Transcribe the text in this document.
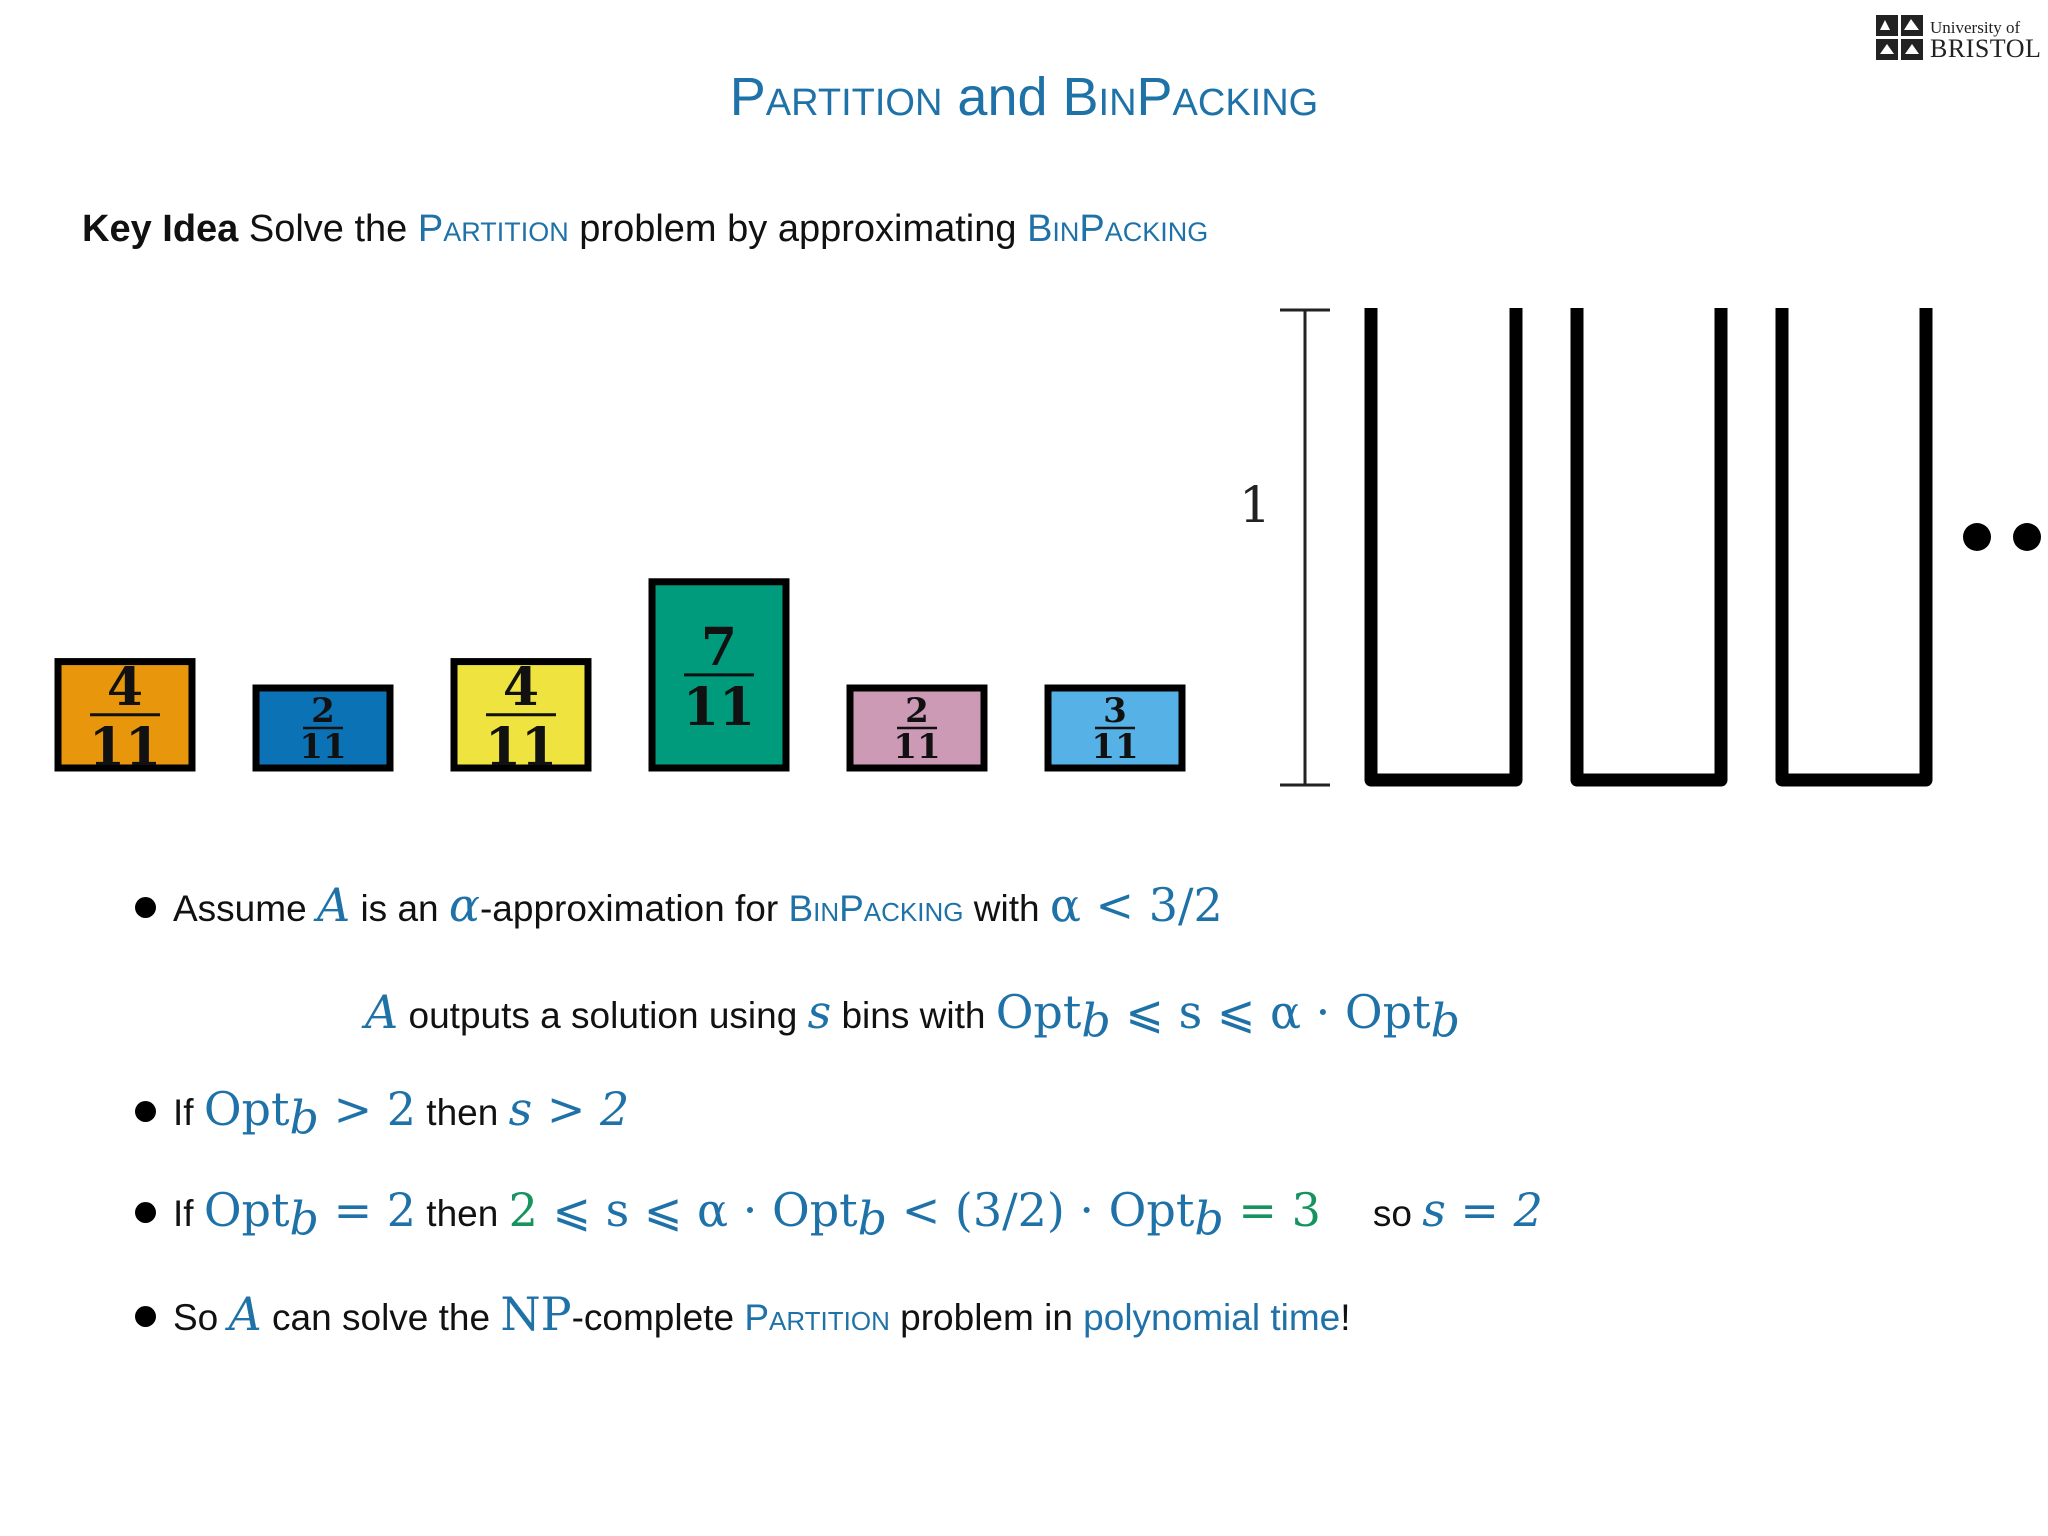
University of
BRISTOL
Partition and BinPacking
Key Idea Solve the Partition problem by approximating BinPacking
4
11
2
11
4
11
7
11	2
11
3
11
1
Assume A is an α-approximation for BinPacking with α < 3/2
A outputs a solution using s bins with Opt$_b$ ⩽ s ⩽ α · Opt$_b$
If Opt$_b$ > 2 then s > 2
If Opt$_b$ = 2 then 2 ⩽ s ⩽ α · Opt$_b$ < (3/2) · Opt$_b$ = 3 so s = 2
So A can solve the NP-complete Partition problem in polynomial time!
